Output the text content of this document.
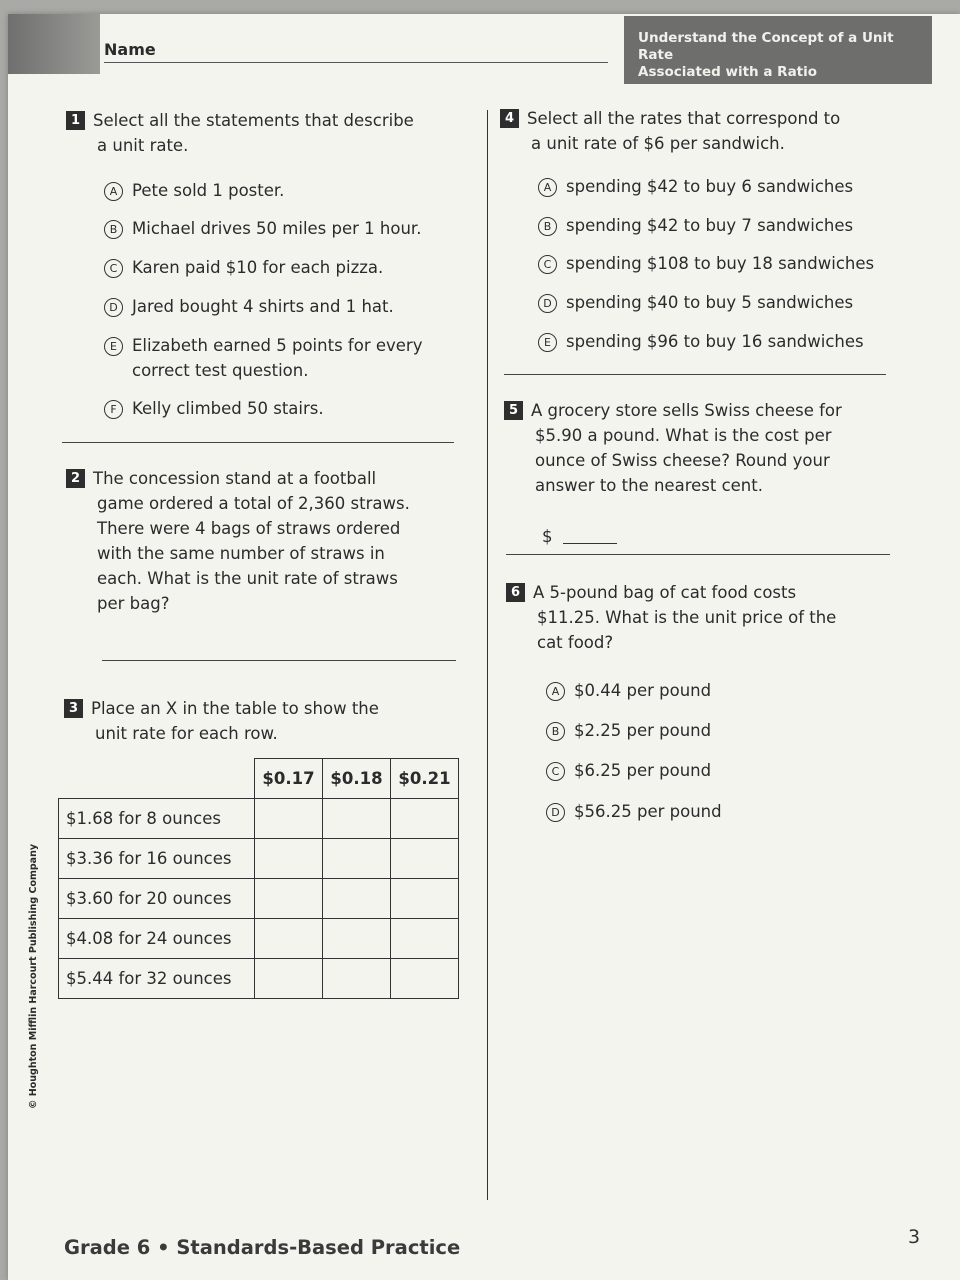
Name
Understand the Concept of a Unit Rate
Associated with a Ratio
1 Select all the statements that describe
a unit rate.
A Pete sold 1 poster.
B Michael drives 50 miles per 1 hour.
C Karen paid $10 for each pizza.
D Jared bought 4 shirts and 1 hat.
E Elizabeth earned 5 points for every
correct test question.
F Kelly climbed 50 stairs.
2 The concession stand at a football
game ordered a total of 2,360 straws.
There were 4 bags of straws ordered
with the same number of straws in
each. What is the unit rate of straws
per bag?
3 Place an X in the table to show the
unit rate for each row.
	$0.17	$0.18	$0.21
$1.68 for 8 ounces			
$3.36 for 16 ounces			
$3.60 for 20 ounces			
$4.08 for 24 ounces			
$5.44 for 32 ounces			
4 Select all the rates that correspond to
a unit rate of $6 per sandwich.
A spending $42 to buy 6 sandwiches
B spending $42 to buy 7 sandwiches
C spending $108 to buy 18 sandwiches
D spending $40 to buy 5 sandwiches
E spending $96 to buy 16 sandwiches
5 A grocery store sells Swiss cheese for
$5.90 a pound. What is the cost per
ounce of Swiss cheese? Round your
answer to the nearest cent.
$
6 A 5-pound bag of cat food costs
$11.25. What is the unit price of the
cat food?
A $0.44 per pound
B $2.25 per pound
C $6.25 per pound
D $56.25 per pound
© Houghton Mifflin Harcourt Publishing Company
Grade 6 • Standards-Based Practice	3
